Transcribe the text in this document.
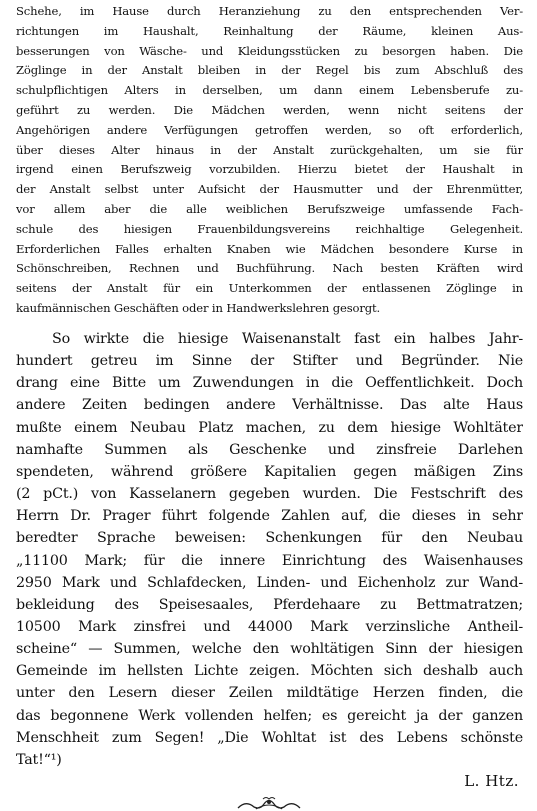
Schehe, im Hause durch Heranziehung zu den entsprechenden Ver-
richtungen im Haushalt, Reinhaltung der Räume, kleinen Aus-
besserungen von Wäsche- und Kleidungsstücken zu besorgen haben. Die
Zöglinge in der Anstalt bleiben in der Regel bis zum Abschluß des
schulpflichtigen Alters in derselben, um dann einem Lebensberufe zu-
geführt zu werden. Die Mädchen werden, wenn nicht seitens der
Angehörigen andere Verfügungen getroffen werden, so oft erforderlich,
über dieses Alter hinaus in der Anstalt zurückgehalten, um sie für
irgend einen Berufszweig vorzubilden. Hierzu bietet der Haushalt in
der Anstalt selbst unter Aufsicht der Hausmutter und der Ehrenmütter,
vor allem aber die alle weiblichen Berufszweige umfassende Fach-
schule des hiesigen Frauenbildungsvereins reichhaltige Gelegenheit.
Erforderlichen Falles erhalten Knaben wie Mädchen besondere Kurse in
Schönschreiben, Rechnen und Buchführung. Nach besten Kräften wird
seitens der Anstalt für ein Unterkommen der entlassenen Zöglinge in
kaufmännischen Geschäften oder in Handwerkslehren gesorgt.
So wirkte die hiesige Waisenanstalt fast ein halbes Jahr-
hundert getreu im Sinne der Stifter und Begründer. Nie
drang eine Bitte um Zuwendungen in die Oeffentlichkeit. Doch
andere Zeiten bedingen andere Verhältnisse. Das alte Haus
mußte einem Neubau Platz machen, zu dem hiesige Wohltäter
namhafte Summen als Geschenke und zinsfreie Darlehen
spendeten, während größere Kapitalien gegen mäßigen Zins
(2 pCt.) von Kasselanern gegeben wurden. Die Festschrift des
Herrn Dr. Prager führt folgende Zahlen auf, die dieses in sehr
beredter Sprache beweisen: Schenkungen für den Neubau
„11100 Mark; für die innere Einrichtung des Waisenhauses
2950 Mark und Schlafdecken, Linden- und Eichenholz zur Wand-
bekleidung des Speisesaales, Pferdehaare zu Bettmatratzen;
10500 Mark zinsfrei und 44000 Mark verzinsliche Antheil-
scheine“ — Summen, welche den wohltätigen Sinn der hiesigen
Gemeinde im hellsten Lichte zeigen. Möchten sich deshalb auch
unter den Lesern dieser Zeilen mildtätige Herzen finden, die
das begonnene Werk vollenden helfen; es gereicht ja der ganzen
Menschheit zum Segen! „Die Wohltat ist des Lebens schönste
Tat!“¹)
L. Htz.
